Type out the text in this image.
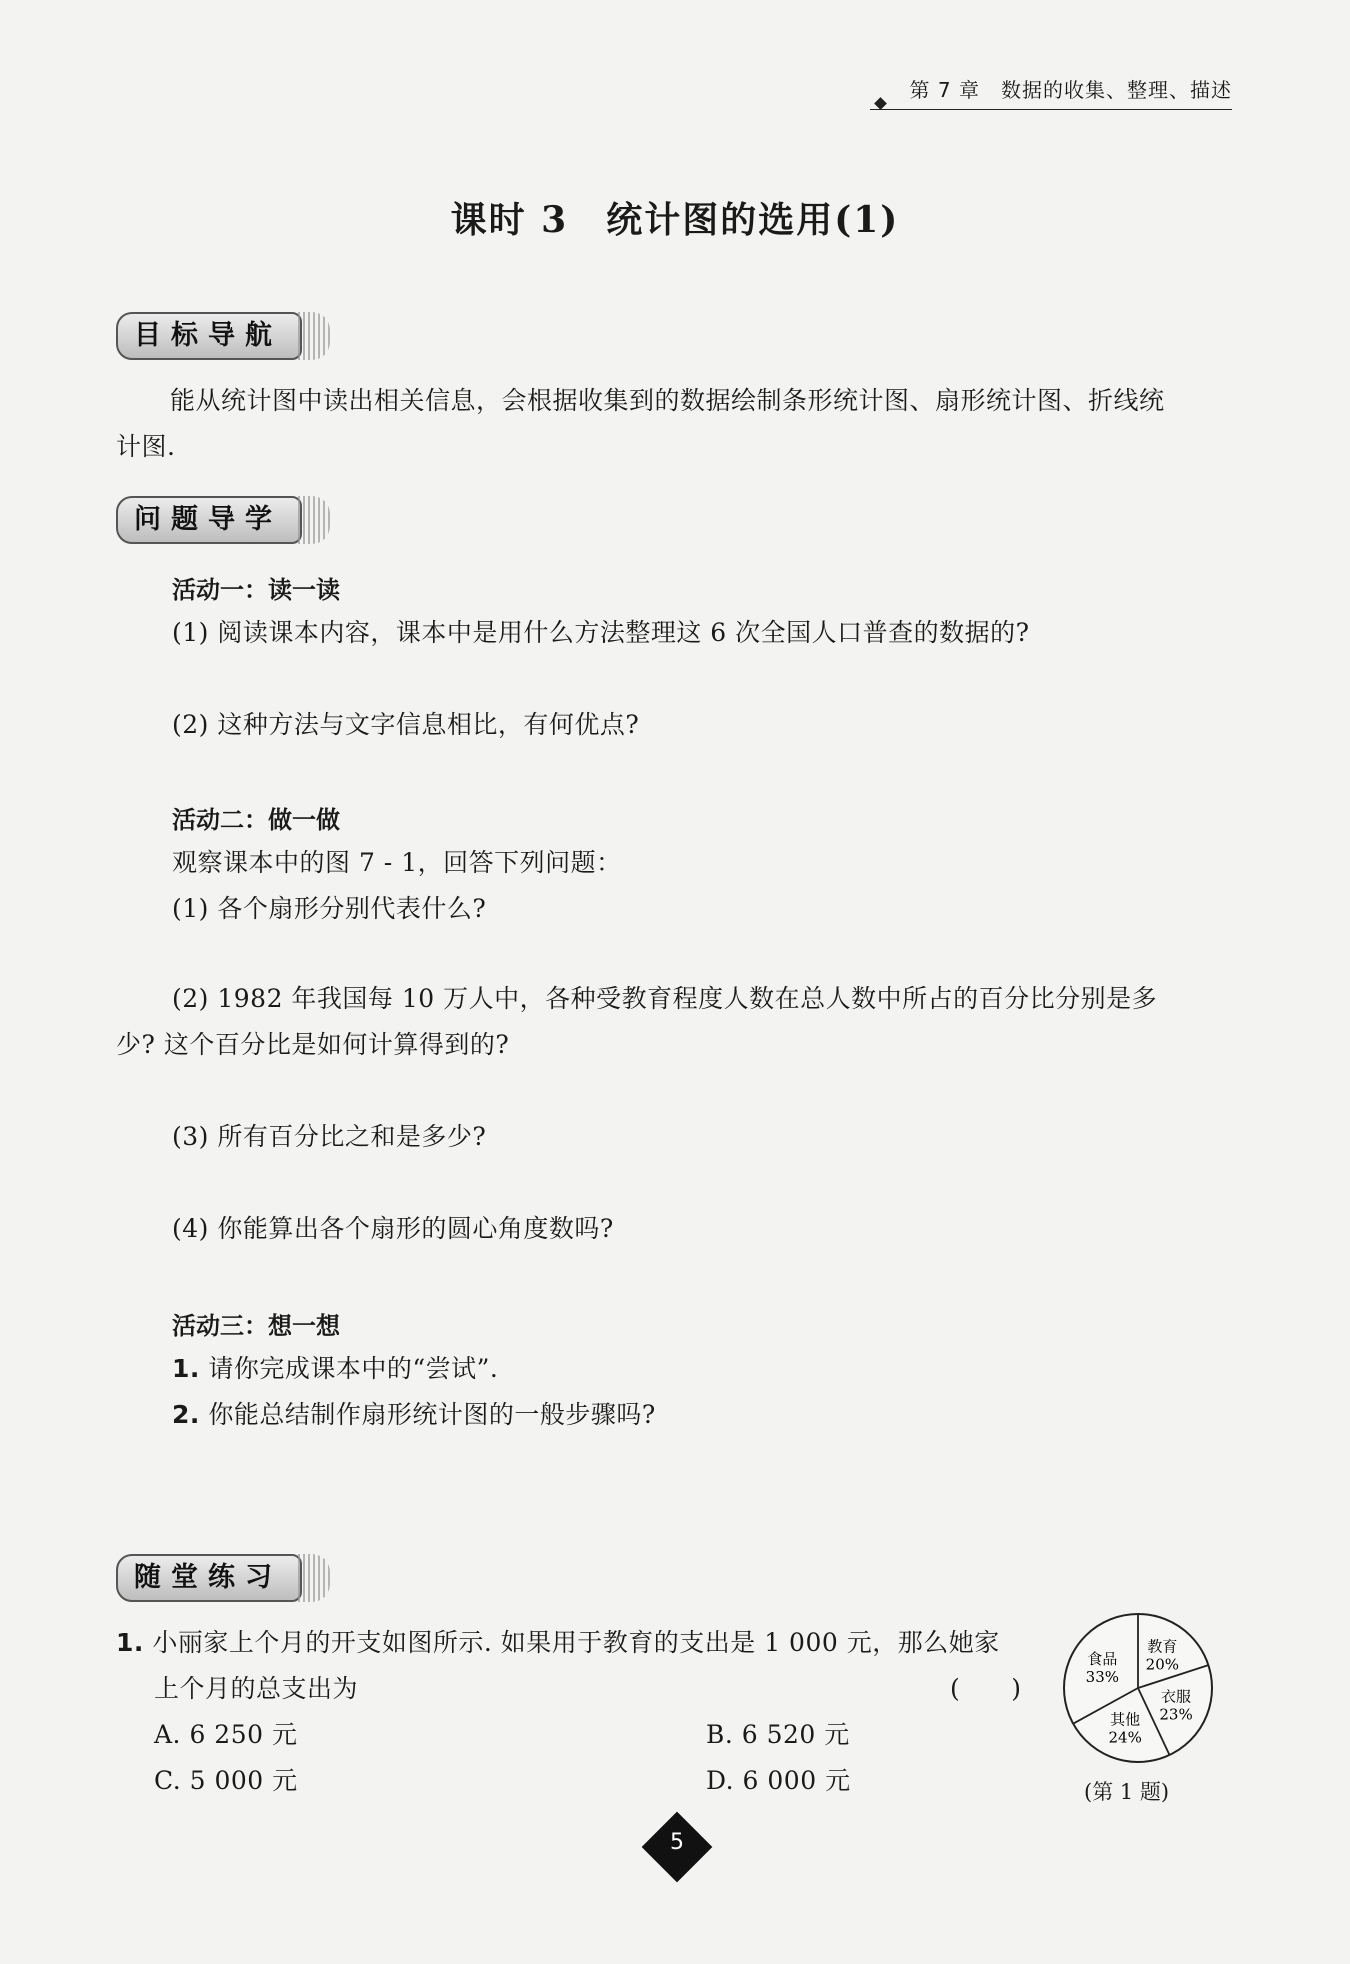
第 7 章　数据的收集、整理、描述
课时 3　统计图的选用(1)
目标导航
能从统计图中读出相关信息，会根据收集到的数据绘制条形统计图、扇形统计图、折线统
计图.
问题导学
活动一：读一读
(1) 阅读课本内容，课本中是用什么方法整理这 6 次全国人口普查的数据的?
(2) 这种方法与文字信息相比，有何优点?
活动二：做一做
观察课本中的图 7 - 1，回答下列问题：
(1) 各个扇形分别代表什么?
(2) 1982 年我国每 10 万人中，各种受教育程度人数在总人数中所占的百分比分别是多
少? 这个百分比是如何计算得到的?
(3) 所有百分比之和是多少?
(4) 你能算出各个扇形的圆心角度数吗?
活动三：想一想
1. 请你完成课本中的“尝试”.
2. 你能总结制作扇形统计图的一般步骤吗?
随堂练习
1. 小丽家上个月的开支如图所示. 如果用于教育的支出是 1 000 元，那么她家
上个月的总支出为	(　　)
A. 6 250 元	B. 6 520 元
C. 5 000 元	D. 6 000 元
教育
20%
衣服
23%
其他
24%
食品
33%
(第 1 题)
5
